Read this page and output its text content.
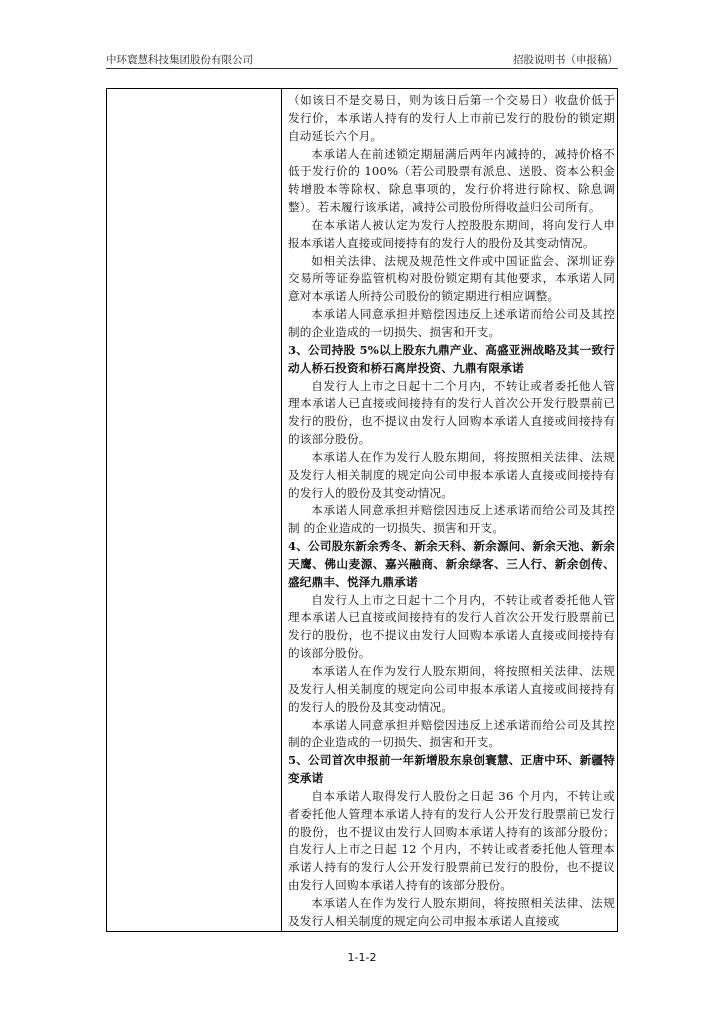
中环寰慧科技集团股份有限公司	招股说明书（申报稿）

（如该日不是交易日，则为该日后第一个交易日）收盘价低于发行价，本承诺人持有的发行人上市前已发行的股份的锁定期自动延长六个月。

本承诺人在前述锁定期届满后两年内减持的，减持价格不低于发行价的 100%（若公司股票有派息、送股、资本公积金转增股本等除权、除息事项的，发行价将进行除权、除息调整）。若未履行该承诺，减持公司股份所得收益归公司所有。

在本承诺人被认定为发行人控股股东期间，将向发行人申报本承诺人直接或间接持有的发行人的股份及其变动情况。

如相关法律、法规及规范性文件或中国证监会、深圳证券交易所等证券监管机构对股份锁定期有其他要求，本承诺人同意对本承诺人所持公司股份的锁定期进行相应调整。

本承诺人同意承担并赔偿因违反上述承诺而给公司及其控制的企业造成的一切损失、损害和开支。

3、公司持股 5%以上股东九鼎产业、高盛亚洲战略及其一致行动人桥石投资和桥石离岸投资、九鼎有限承诺

自发行人上市之日起十二个月内，不转让或者委托他人管理本承诺人已直接或间接持有的发行人首次公开发行股票前已发行的股份，也不提议由发行人回购本承诺人直接或间接持有的该部分股份。

本承诺人在作为发行人股东期间，将按照相关法律、法规及发行人相关制度的规定向公司申报本承诺人直接或间接持有的发行人的股份及其变动情况。

本承诺人同意承担并赔偿因违反上述承诺而给公司及其控制 的企业造成的一切损失、损害和开支。

4、公司股东新余秀冬、新余天科、新余源问、新余天池、新余天鹰、佛山麦源、嘉兴融商、新余绿客、三人行、新余创传、盛纪鼎丰、悦泽九鼎承诺

自发行人上市之日起十二个月内，不转让或者委托他人管理本承诺人已直接或间接持有的发行人首次公开发行股票前已发行的股份，也不提议由发行人回购本承诺人直接或间接持有的该部分股份。

本承诺人在作为发行人股东期间，将按照相关法律、法规及发行人相关制度的规定向公司申报本承诺人直接或间接持有的发行人的股份及其变动情况。

本承诺人同意承担并赔偿因违反上述承诺而给公司及其控制的企业造成的一切损失、损害和开支。

5、公司首次申报前一年新增股东泉创寰慧、正唐中环、新疆特变承诺

自本承诺人取得发行人股份之日起 36 个月内，不转让或者委托他人管理本承诺人持有的发行人公开发行股票前已发行的股份，也不提议由发行人回购本承诺人持有的该部分股份；自发行人上市之日起 12 个月内，不转让或者委托他人管理本承诺人持有的发行人公开发行股票前已发行的股份，也不提议由发行人回购本承诺人持有的该部分股份。

本承诺人在作为发行人股东期间，将按照相关法律、法规及发行人相关制度的规定向公司申报本承诺人直接或

1-1-2
